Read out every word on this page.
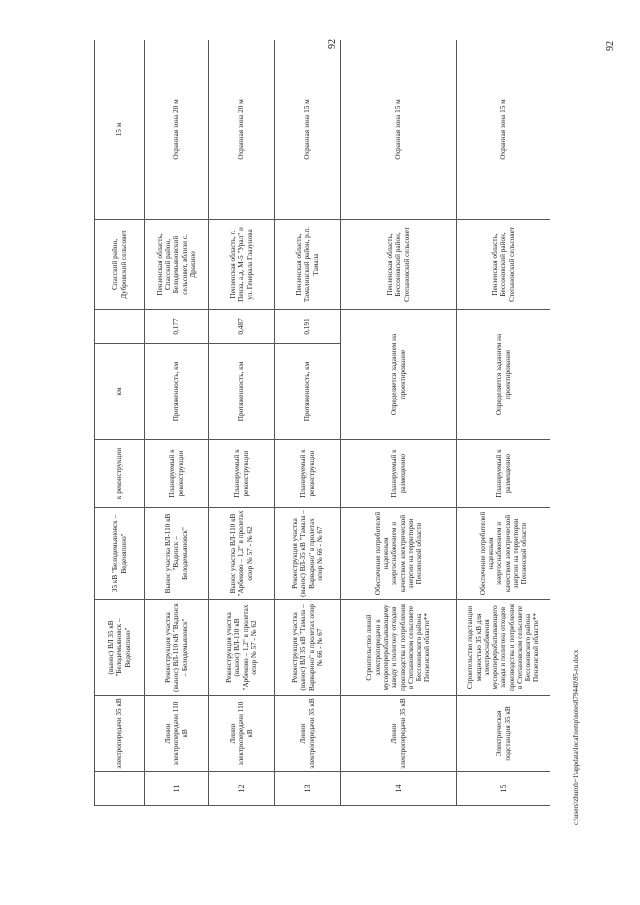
92	92
	электропередачи 35 кВ	(вынос) ВЛ 35 кВ "Белодемьяновск – Веденяпино"	35 кВ "Белодемьяновск – Веденяпино"	к реконструкции	км		Спасский район, Дубровский сельсовет	15 м
11	Линии электропередачи 110 кВ	Реконструкция участка (вынос) ВЛ-110 кВ "Вадинск – Белодемьяновск"	Вынос участка ВЛ-110 кВ "Вадинск – Белодемьяновск"	Планируемый к реконструкции	Протяженность, км	0,177	Пензенская область, Спасский район, Белодемьяновский сельсовет, вблизи с. Дракино	Охранная зона 20 м
12	Линии электропередачи 110 кВ	Реконструкция участка (вынос) ВЛ-110 кВ "Арбеково – 1,2" в пролетах опор № 57 - № 62	Вынос участка ВЛ-110 кВ "Арбеково – 1,2" в пролетах опор № 57 - № 62	Планируемый к реконструкции	Протяженность, км	0,487	Пензенская область, г. Пенза, а.д. М-5 "Урал" и ул. Генерала Глазунова	Охранная зона 20 м
13	Линии электропередачи 35 кВ	Реконструкция участка (вынос) ВЛ 35 кВ "Тамала – Варварино" в пролетах опор № 66 - № 67	Реконструкция участка (вынос) ВЛ-35 кВ "Тамала – Варварино" в пролетах опор № 66 - № 67	Планируемый к реконструкции	Протяженность, км	0,191	Пензенская область, Тамалинский район, р.п. Тамала	Охранная зона 15 м
14	Линии электропередачи 35 кВ	Строительство линий электропередачи к мусороперерабатывающему заводу и полигону отходов производства и потребления в Степановском сельсовете Бессоновского района Пензенской области**	Обеспечение потребителей надежным энергоснабжением и качеством электрической энергии на территории Пензенской области	Планируемый к размещению	Определяется заданием на проектирование		Пензенская область, Бессоновский район, Степановский сельсовет	Охранная зона 15 м
15	Электрическая подстанция 35 кВ	Строительство подстанции мощностью 35 кВ для электроснабжения мусороперерабатывающего завода и полигона отходов производства и потребления в Степановском сельсовете Бессоновского района Пензенской области**	Обеспечение потребителей надежным энергоснабжением и качеством электрической энергии на территории Пензенской области	Планируемый к размещению	Определяется заданием на проектирование		Пензенская область, Бессоновский район, Степановский сельсовет	Охранная зона 15 м
c:\users\zhurob~1\appdata\local\temp\notes879440\95-ru.docx
